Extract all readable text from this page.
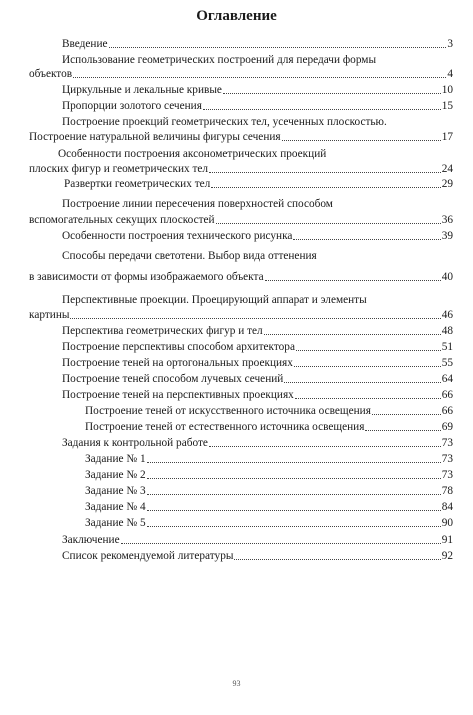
Оглавление
Введение	3
Использование геометрических построений для передачи формы
объектов	4
Циркульные и лекальные кривые	10
Пропорции золотого сечения	15
Построение проекций геометрических тел, усеченных плоскостью.
Построение натуральной величины фигуры сечения	17
Особенности построения аксонометрических проекций
плоских фигур и геометрических тел	24
Развертки геометрических тел	29
Построение линии пересечения поверхностей способом
вспомогательных секущих плоскостей	36
Особенности построения технического рисунка	39
Способы передачи светотени. Выбор вида оттенения
в зависимости от формы изображаемого объекта	40
Перспективные проекции. Проецирующий аппарат и элементы
картины	46
Перспектива геометрических фигур и тел	48
Построение перспективы способом архитектора	51
Построение теней на ортогональных проекциях	55
Построение теней способом лучевых сечений	64
Построение теней на перспективных проекциях	66
Построение теней от искусственного источника освещения	66
Построение теней от естественного источника освещения	69
Задания к контрольной работе	73
Задание № 1	73
Задание № 2	73
Задание № 3	78
Задание № 4	84
Задание № 5	90
Заключение	91
Список рекомендуемой литературы	92
93
